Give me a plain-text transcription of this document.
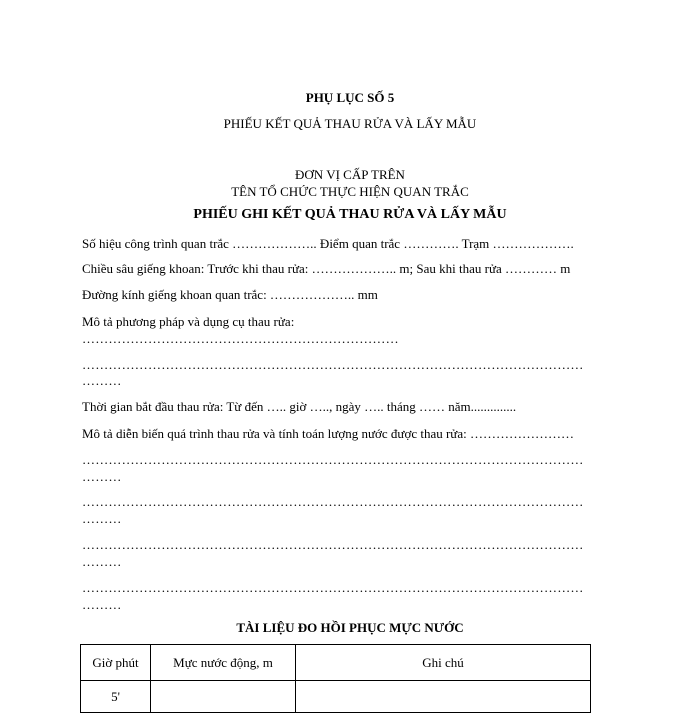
PHỤ LỤC SỐ 5
PHIẾU KẾT QUẢ THAU RỬA VÀ LẤY MẪU
ĐƠN VỊ CẤP TRÊN
TÊN TỔ CHỨC THỰC HIỆN QUAN TRẮC
PHIẾU GHI KẾT QUẢ THAU RỬA VÀ LẤY MẪU
Số hiệu công trình quan trắc ……………….. Điểm quan trắc …………. Trạm ……………….
Chiều sâu giếng khoan: Trước khi thau rửa: ……………….. m; Sau khi thau rửa ………… m
Đường kính giếng khoan quan trắc: ……………….. mm
Mô tả phương pháp và dụng cụ thau rửa:
………………………………………………………………
……………………………………………………………………………………………………
………
Thời gian bắt đầu thau rửa: Từ đến ….. giờ ….., ngày ….. tháng …… năm..............
Mô tả diễn biến quá trình thau rửa và tính toán lượng nước được thau rửa: ……………………
……………………………………………………………………………………………………
………
……………………………………………………………………………………………………
………
……………………………………………………………………………………………………
………
……………………………………………………………………………………………………
………
TÀI LIỆU ĐO HỒI PHỤC MỰC NƯỚC
Giờ phút	Mực nước động, m	Ghi chú
5'		
